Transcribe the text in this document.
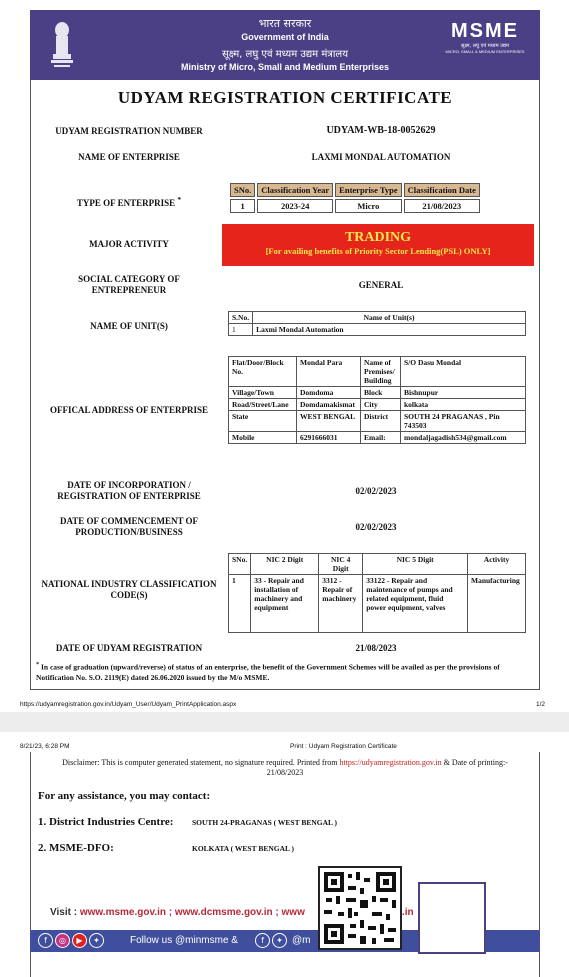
भारत सरकार
Government of India
सूक्ष्म, लघु एवं मध्यम उद्यम मंत्रालय
Ministry of Micro, Small and Medium Enterprises
MSME
सूक्ष्म, लघु एवं मध्यम उद्यम
MICRO, SMALL & MEDIUM ENTERPRISES
UDYAM REGISTRATION CERTIFICATE
UDYAM REGISTRATION NUMBER	UDYAM-WB-18-0052629
NAME OF ENTERPRISE	LAXMI MONDAL AUTOMATION
TYPE OF ENTERPRISE *
SNo.	Classification Year	Enterprise Type	Classification Date
1	2023-24	Micro	21/08/2023
MAJOR ACTIVITY	TRADING
[For availing benefits of Priority Sector Lending(PSL) ONLY]
SOCIAL CATEGORY OF ENTREPRENEUR	GENERAL
NAME OF UNIT(S)
S.No.	Name of Unit(s)
1	Laxmi Mondal Automation
OFFICAL ADDRESS OF ENTERPRISE
Flat/Door/Block No.	Mondal Para	Name of Premises/ Building	S/O Dasu Mondal
Village/Town	Domdoma	Block	Bishnupur
Road/Street/Lane	Domdamakismat	City	kolkata
State	WEST BENGAL	District	SOUTH 24 PRAGANAS , Pin 743503
Mobile	6291666031	Email:	mondaljagadish534@gmail.com
DATE OF INCORPORATION / REGISTRATION OF ENTERPRISE	02/02/2023
DATE OF COMMENCEMENT OF PRODUCTION/BUSINESS	02/02/2023
NATIONAL INDUSTRY CLASSIFICATION CODE(S)
SNo.	NIC 2 Digit	NIC 4 Digit	NIC 5 Digit	Activity
1	33 - Repair and installation of machinery and equipment	3312 - Repair of machinery	33122 - Repair and maintenance of pumps and related equipment, fluid power equipment, valves	Manufacturing
DATE OF UDYAM REGISTRATION	21/08/2023
* In case of graduation (upward/reverse) of status of an enterprise, the benefit of the Government Schemes will be availed as per the provisions of Notification No. S.O. 2119(E) dated 26.06.2020 issued by the M/o MSME.
https://udyamregistration.gov.in/Udyam_User/Udyam_PrintApplication.aspx	1/2
8/21/23, 6:28 PM	Print : Udyam Registration Certificate
Disclaimer: This is computer generated statement, no signature required. Printed from https://udyamregistration.gov.in & Date of printing:-
21/08/2023
For any assistance, you may contact:
1. District Industries Centre: SOUTH 24-PRAGANAS ( WEST BENGAL )
2. MSME-DFO:	KOLKATA ( WEST BENGAL )
Visit : www.msme.gov.in ; www.dcmsme.gov.in ; www	.in
f	◎	▶	✦	Follow us @minmsme &	f	✦ @m
